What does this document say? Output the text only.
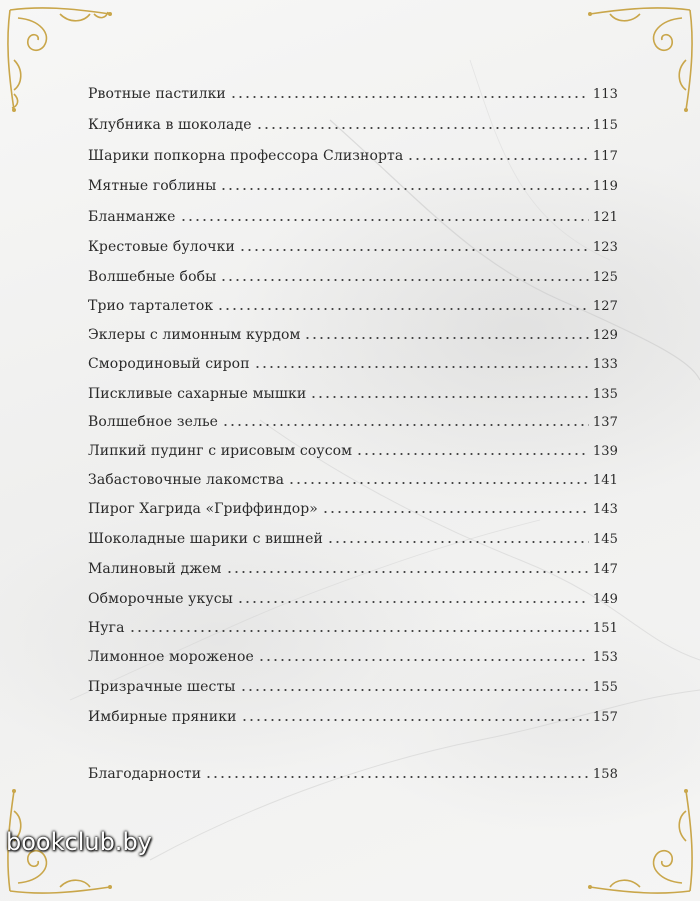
Рвотные пастилки	113
Клубника в шоколаде	115
Шарики попкорна профессора Слизнорта	117
Мятные гоблины	119
Бланманже	121
Крестовые булочки	123
Волшебные бобы	125
Трио тарталеток	127
Эклеры с лимонным курдом	129
Смородиновый сироп	133
Пискливые сахарные мышки	135
Волшебное зелье	137
Липкий пудинг с ирисовым соусом	139
Забастовочные лакомства	141
Пирог Хагрида «Гриффиндор»	143
Шоколадные шарики с вишней	145
Малиновый джем	147
Обморочные укусы	149
Нуга	151
Лимонное мороженое	153
Призрачные шесты	155
Имбирные пряники	157
Благодарности	158
bookclub.by
